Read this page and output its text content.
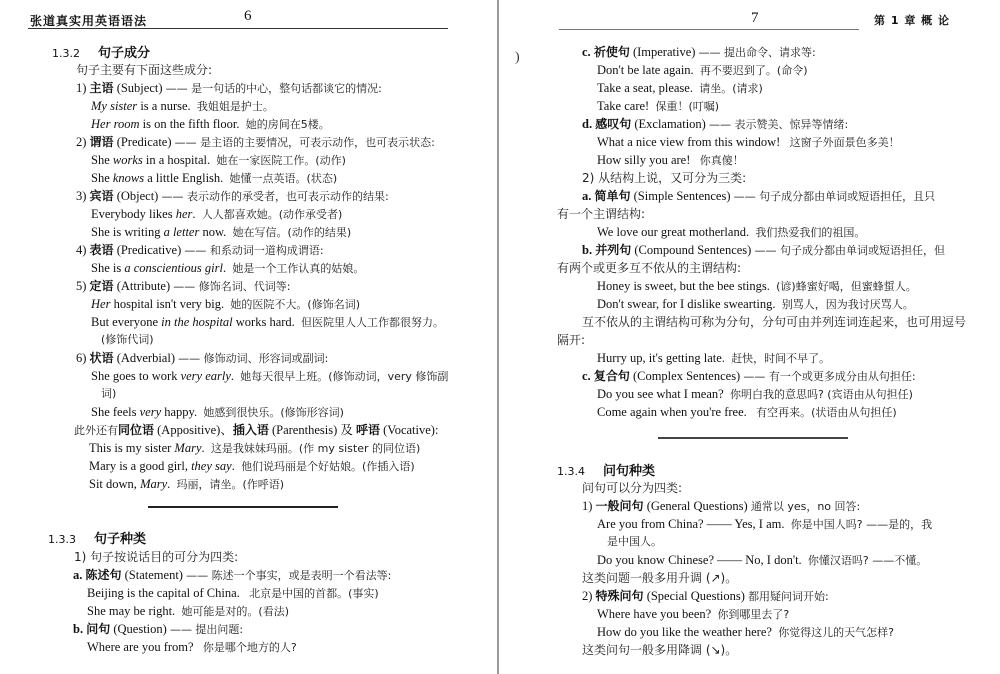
张道真实用英语语法	6
1.3.2 句子成分
句子主要有下面这些成分:
1) 主语 (Subject) —— 是一句话的中心，整句话都谈它的情况:
My sister is a nurse. 我姐姐是护士。
Her room is on the fifth floor. 她的房间在5楼。
2) 谓语 (Predicate) —— 是主语的主要情况，可表示动作，也可表示状态:
She works in a hospital. 她在一家医院工作。(动作)
She knows a little English. 她懂一点英语。(状态)
3) 宾语 (Object) —— 表示动作的承受者，也可表示动作的结果:
Everybody likes her. 人人都喜欢她。(动作承受者)
She is writing a letter now. 她在写信。(动作的结果)
4) 表语 (Predicative) —— 和系动词一道构成谓语:
She is a conscientious girl. 她是一个工作认真的姑娘。
5) 定语 (Attribute) —— 修饰名词、代词等:
Her hospital isn't very big. 她的医院不大。(修饰名词)
But everyone in the hospital works hard. 但医院里人人工作都很努力。
(修饰代词)
6) 状语 (Adverbial) —— 修饰动词、形容词或副词:
She goes to work very early. 她每天很早上班。(修饰动词，very 修饰副
词)
She feels very happy. 她感到很快乐。(修饰形容词)
此外还有同位语 (Appositive)、插入语 (Parenthesis) 及 呼语 (Vocative):
This is my sister Mary. 这是我妹妹玛丽。(作 my sister 的同位语)
Mary is a good girl, they say. 他们说玛丽是个好姑娘。(作插入语)
Sit down, Mary. 玛丽，请坐。(作呼语)
1.3.3 句子种类
1) 句子按说话目的可分为四类:
a. 陈述句 (Statement) —— 陈述一个事实，或是表明一个看法等:
Beijing is the capital of China. 北京是中国的首都。(事实)
She may be right. 她可能是对的。(看法)
b. 问句 (Question) —— 提出问题:
Where are you from? 你是哪个地方的人?
)
7	第 1 章 概 论
c. 祈使句 (Imperative) —— 提出命令、请求等:
Don't be late again. 再不要迟到了。(命令)
Take a seat, please. 请坐。(请求)
Take care! 保重！(叮嘱)
d. 感叹句 (Exclamation) —— 表示赞美、惊异等情绪:
What a nice view from this window! 这窗子外面景色多美！
How silly you are! 你真傻！
2) 从结构上说，又可分为三类:
a. 简单句 (Simple Sentences) —— 句子成分都由单词或短语担任，且只
有一个主谓结构:
We love our great motherland. 我们热爱我们的祖国。
b. 并列句 (Compound Sentences) —— 句子成分都由单词或短语担任，但
有两个或更多互不依从的主谓结构:
Honey is sweet, but the bee stings. (谚)蜂蜜好喝，但蜜蜂蜇人。
Don't swear, for I dislike swearting. 别骂人，因为我讨厌骂人。
互不依从的主谓结构可称为分句，分句可由并列连词连起来，也可用逗号
隔开:
Hurry up, it's getting late. 赶快，时间不早了。
c. 复合句 (Complex Sentences) —— 有一个或更多成分由从句担任:
Do you see what I mean? 你明白我的意思吗? (宾语由从句担任)
Come again when you're free. 有空再来。(状语由从句担任)
1.3.4 问句种类
问句可以分为四类:
1) 一般问句 (General Questions) 通常以 yes，no 回答:
Are you from China? —— Yes, I am. 你是中国人吗? ——是的，我
是中国人。
Do you know Chinese? —— No, I don't. 你懂汉语吗? ——不懂。
这类问题一般多用升调 (↗)。
2) 特殊问句 (Special Questions) 都用疑问词开始:
Where have you been? 你到哪里去了?
How do you like the weather here? 你觉得这儿的天气怎样?
这类问句一般多用降调 (↘)。
